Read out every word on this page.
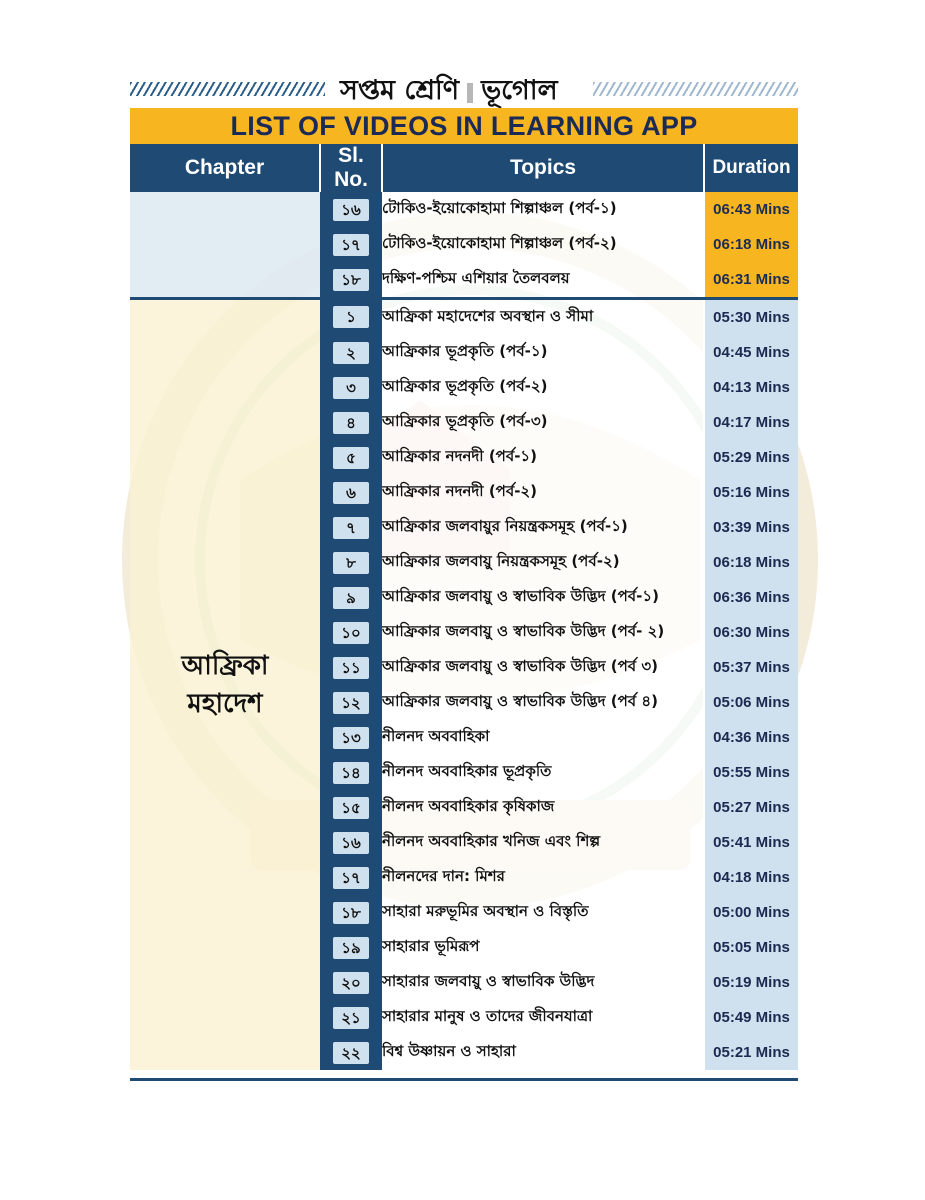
সপ্তম শ্রেণি ভূগোল
LIST OF VIDEOS IN LEARNING APP
Chapter	Sl. No.	Topics	Duration

	১৬	টোকিও-ইয়োকোহামা শিল্পাঞ্চল (পর্ব-১)	06:43 Mins
	১৭	টোকিও-ইয়োকোহামা শিল্পাঞ্চল (পর্ব-২)	06:18 Mins
	১৮	দক্ষিণ-পশ্চিম এশিয়ার তৈলবলয়	06:31 Mins

আফ্রিকা
মহাদেশ	১	আফ্রিকা মহাদেশের অবস্থান ও সীমা	05:30 Mins
	২	আফ্রিকার ভূপ্রকৃতি (পর্ব-১)	04:45 Mins
	৩	আফ্রিকার ভূপ্রকৃতি (পর্ব-২)	04:13 Mins
	৪	আফ্রিকার ভূপ্রকৃতি (পর্ব-৩)	04:17 Mins
	৫	আফ্রিকার নদনদী (পর্ব-১)	05:29 Mins
	৬	আফ্রিকার নদনদী (পর্ব-২)	05:16 Mins
	৭	আফ্রিকার জলবায়ুর নিয়ন্ত্রকসমূহ (পর্ব-১)	03:39 Mins
	৮	আফ্রিকার জলবায়ু নিয়ন্ত্রকসমূহ (পর্ব-২)	06:18 Mins
	৯	আফ্রিকার জলবায়ু ও স্বাভাবিক উদ্ভিদ (পর্ব-১)	06:36 Mins
	১০	আফ্রিকার জলবায়ু ও স্বাভাবিক উদ্ভিদ (পর্ব- ২)	06:30 Mins
	১১	আফ্রিকার জলবায়ু ও স্বাভাবিক উদ্ভিদ (পর্ব ৩)	05:37 Mins
	১২	আফ্রিকার জলবায়ু ও স্বাভাবিক উদ্ভিদ (পর্ব ৪)	05:06 Mins
	১৩	নীলনদ অববাহিকা	04:36 Mins
	১৪	নীলনদ অববাহিকার ভূপ্রকৃতি	05:55 Mins
	১৫	নীলনদ অববাহিকার কৃষিকাজ	05:27 Mins
	১৬	নীলনদ অববাহিকার খনিজ এবং শিল্প	05:41 Mins
	১৭	নীলনদের দান: মিশর	04:18 Mins
	১৮	সাহারা মরুভূমির অবস্থান ও বিস্তৃতি	05:00 Mins
	১৯	সাহারার ভূমিরূপ	05:05 Mins
	২০	সাহারার জলবায়ু ও স্বাভাবিক উদ্ভিদ	05:19 Mins
	২১	সাহারার মানুষ ও তাদের জীবনযাত্রা	05:49 Mins
	২২	বিশ্ব উষ্ণায়ন ও সাহারা	05:21 Mins
